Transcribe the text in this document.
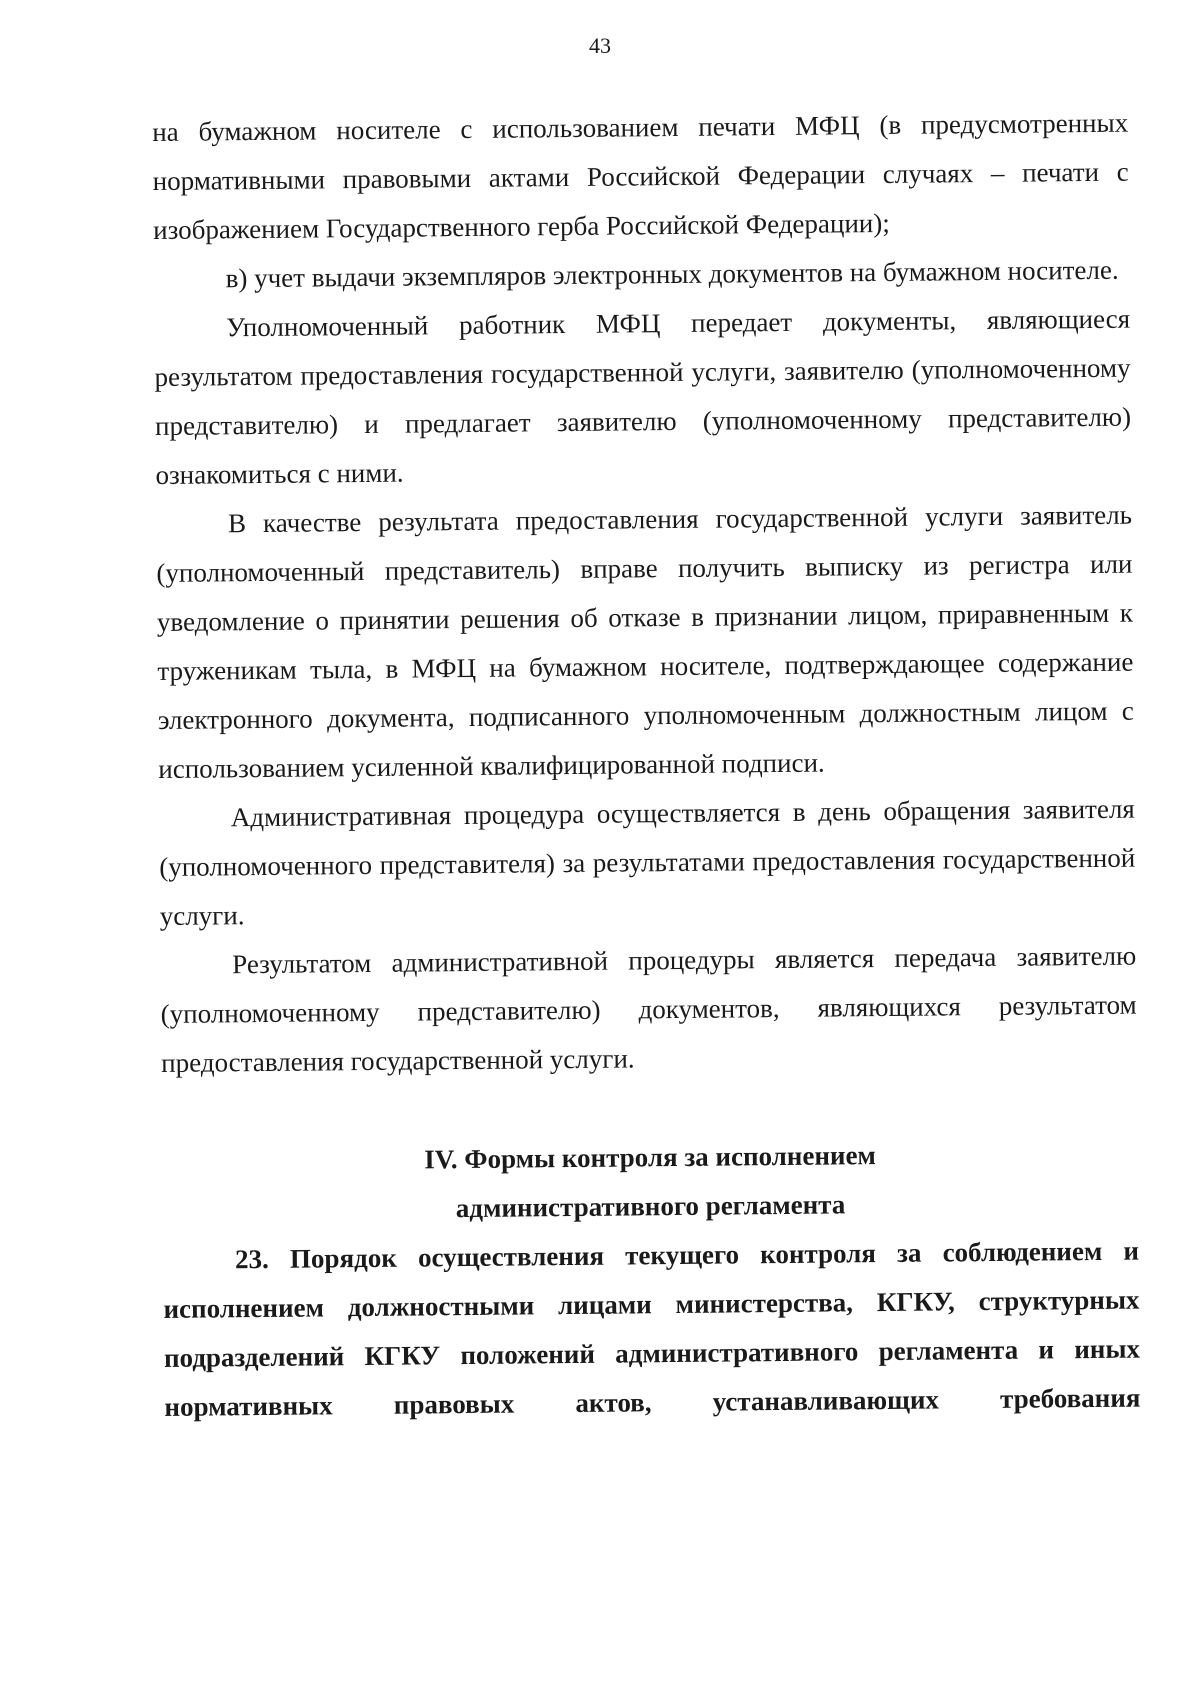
43

на бумажном носителе с использованием печати МФЦ (в предусмотренных нормативными правовыми актами Российской Федерации случаях – печати с изображением Государственного герба Российской Федерации);

в) учет выдачи экземпляров электронных документов на бумажном носителе.

Уполномоченный работник МФЦ передает документы, являющиеся результатом предоставления государственной услуги, заявителю (уполномоченному представителю) и предлагает заявителю (уполномоченному представителю) ознакомиться с ними.

В качестве результата предоставления государственной услуги заявитель (уполномоченный представитель) вправе получить выписку из регистра или уведомление о принятии решения об отказе в признании лицом, приравненным к труженикам тыла, в МФЦ на бумажном носителе, подтверждающее содержание электронного документа, подписанного уполномоченным должностным лицом с использованием усиленной квалифицированной подписи.

Административная процедура осуществляется в день обращения заявителя (уполномоченного представителя) за результатами предоставления государственной услуги.

Результатом административной процедуры является передача заявителю (уполномоченному представителю) документов, являющихся результатом предоставления государственной услуги.

IV. Формы контроля за исполнением
административного регламента

23. Порядок осуществления текущего контроля за соблюдением и исполнением должностными лицами министерства, КГКУ, структурных подразделений КГКУ положений административного регламента и иных нормативных правовых актов, устанавливающих требования
